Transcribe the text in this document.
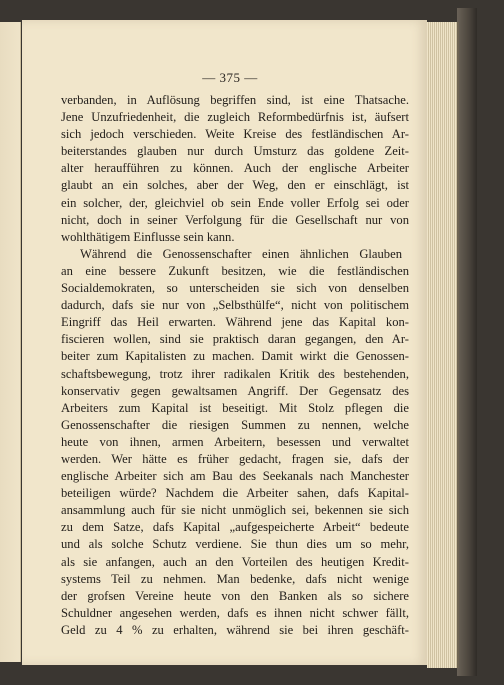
— 375 —
verbanden, in Auflösung begriffen sind, ist eine Thatsache.
Jene Unzufriedenheit, die zugleich Reformbedürfnis ist, äufsert
sich jedoch verschieden. Weite Kreise des festländischen Ar-
beiterstandes glauben nur durch Umsturz das goldene Zeit-
alter heraufführen zu können. Auch der englische Arbeiter
glaubt an ein solches, aber der Weg, den er einschlägt, ist
ein solcher, der, gleichviel ob sein Ende voller Erfolg sei oder
nicht, doch in seiner Verfolgung für die Gesellschaft nur von
wohlthätigem Einflusse sein kann.
Während die Genossenschafter einen ähnlichen Glauben
an eine bessere Zukunft besitzen, wie die festländischen
Socialdemokraten, so unterscheiden sie sich von denselben
dadurch, dafs sie nur von „Selbsthülfe“, nicht von politischem
Eingriff das Heil erwarten. Während jene das Kapital kon-
fiscieren wollen, sind sie praktisch daran gegangen, den Ar-
beiter zum Kapitalisten zu machen. Damit wirkt die Genossen-
schaftsbewegung, trotz ihrer radikalen Kritik des bestehenden,
konservativ gegen gewaltsamen Angriff. Der Gegensatz des
Arbeiters zum Kapital ist beseitigt. Mit Stolz pflegen die
Genossenschafter die riesigen Summen zu nennen, welche
heute von ihnen, armen Arbeitern, besessen und verwaltet
werden. Wer hätte es früher gedacht, fragen sie, dafs der
englische Arbeiter sich am Bau des Seekanals nach Manchester
beteiligen würde? Nachdem die Arbeiter sahen, dafs Kapital-
ansammlung auch für sie nicht unmöglich sei, bekennen sie sich
zu dem Satze, dafs Kapital „aufgespeicherte Arbeit“ bedeute
und als solche Schutz verdiene. Sie thun dies um so mehr,
als sie anfangen, auch an den Vorteilen des heutigen Kredit-
systems Teil zu nehmen. Man bedenke, dafs nicht wenige
der grofsen Vereine heute von den Banken als so sichere
Schuldner angesehen werden, dafs es ihnen nicht schwer fällt,
Geld zu 4 % zu erhalten, während sie bei ihren geschäft-
